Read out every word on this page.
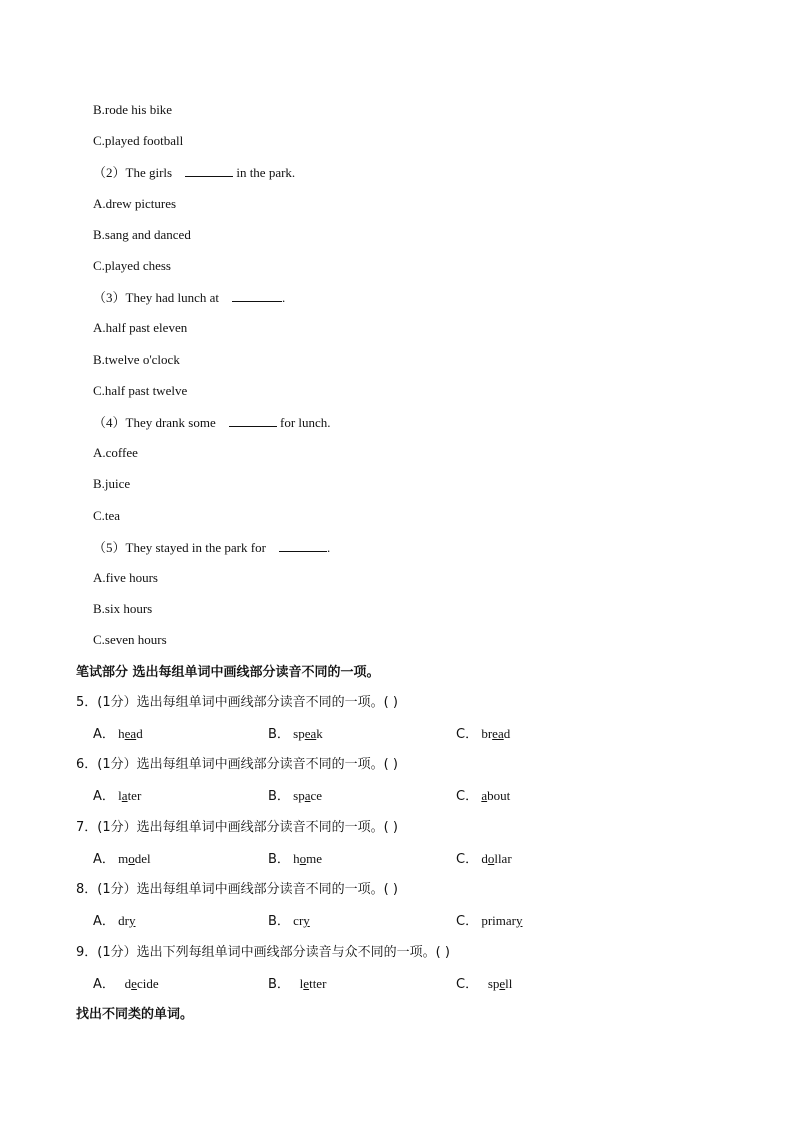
笔试部分 选出每组单词中画线部分读音不同的一项。
找出不同类的单词。
B.rode his bike
C.played football
（2）The girls	in the park.
A.drew pictures
B.sang and danced
C.played chess
（3）They had lunch at	.
A.half past eleven
B.twelve o'clock
C.half past twelve
（4）They drank some	for lunch.
A.coffee
B.juice
C.tea
（5）They stayed in the park for	.
A.five hours
B.six hours
C.seven hours
5．(1分）选出每组单词中画线部分读音不同的一项。( )
A． head	B． speak	C． bread
6．(1分）选出每组单词中画线部分读音不同的一项。( )
A． later	B． space	C． about
7．(1分）选出每组单词中画线部分读音不同的一项。( )
A． model	B． home	C． dollar
8．(1分）选出每组单词中画线部分读音不同的一项。( )
A． dry	B． cry	C． primary
9．(1分）选出下列每组单词中画线部分读音与众不同的一项。( )
A．   decide	B．   letter	C．   spell
